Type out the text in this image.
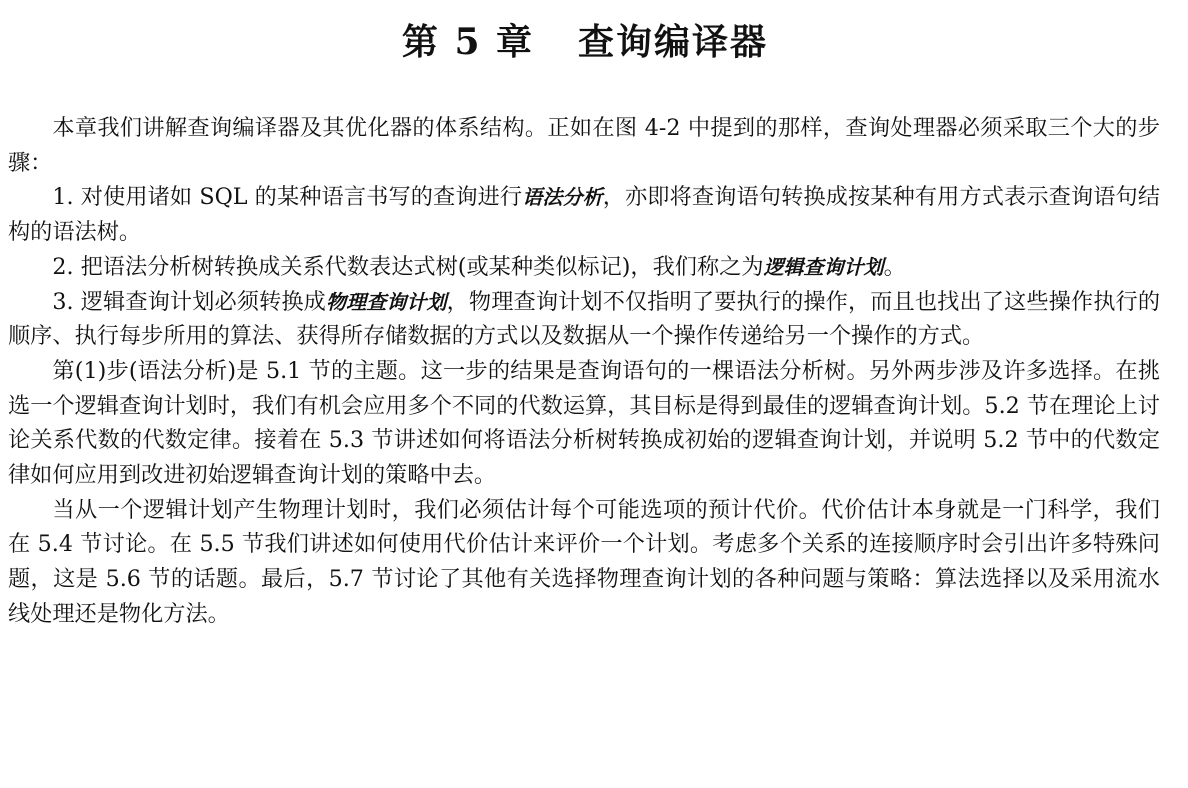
第 5 章 查询编译器

本章我们讲解查询编译器及其优化器的体系结构。正如在图 4-2 中提到的那样，查询处理器必须采取三个大的步骤：

1. 对使用诸如 SQL 的某种语言书写的查询进行语法分析，亦即将查询语句转换成按某种有用方式表示查询语句结构的语法树。

2. 把语法分析树转换成关系代数表达式树(或某种类似标记)，我们称之为逻辑查询计划。

3. 逻辑查询计划必须转换成物理查询计划，物理查询计划不仅指明了要执行的操作，而且也找出了这些操作执行的顺序、执行每步所用的算法、获得所存储数据的方式以及数据从一个操作传递给另一个操作的方式。

第(1)步(语法分析)是 5.1 节的主题。这一步的结果是查询语句的一棵语法分析树。另外两步涉及许多选择。在挑选一个逻辑查询计划时，我们有机会应用多个不同的代数运算，其目标是得到最佳的逻辑查询计划。5.2 节在理论上讨论关系代数的代数定律。接着在 5.3 节讲述如何将语法分析树转换成初始的逻辑查询计划，并说明 5.2 节中的代数定律如何应用到改进初始逻辑查询计划的策略中去。

当从一个逻辑计划产生物理计划时，我们必须估计每个可能选项的预计代价。代价估计本身就是一门科学，我们在 5.4 节讨论。在 5.5 节我们讲述如何使用代价估计来评价一个计划。考虑多个关系的连接顺序时会引出许多特殊问题，这是 5.6 节的话题。最后，5.7 节讨论了其他有关选择物理查询计划的各种问题与策略：算法选择以及采用流水线处理还是物化方法。
